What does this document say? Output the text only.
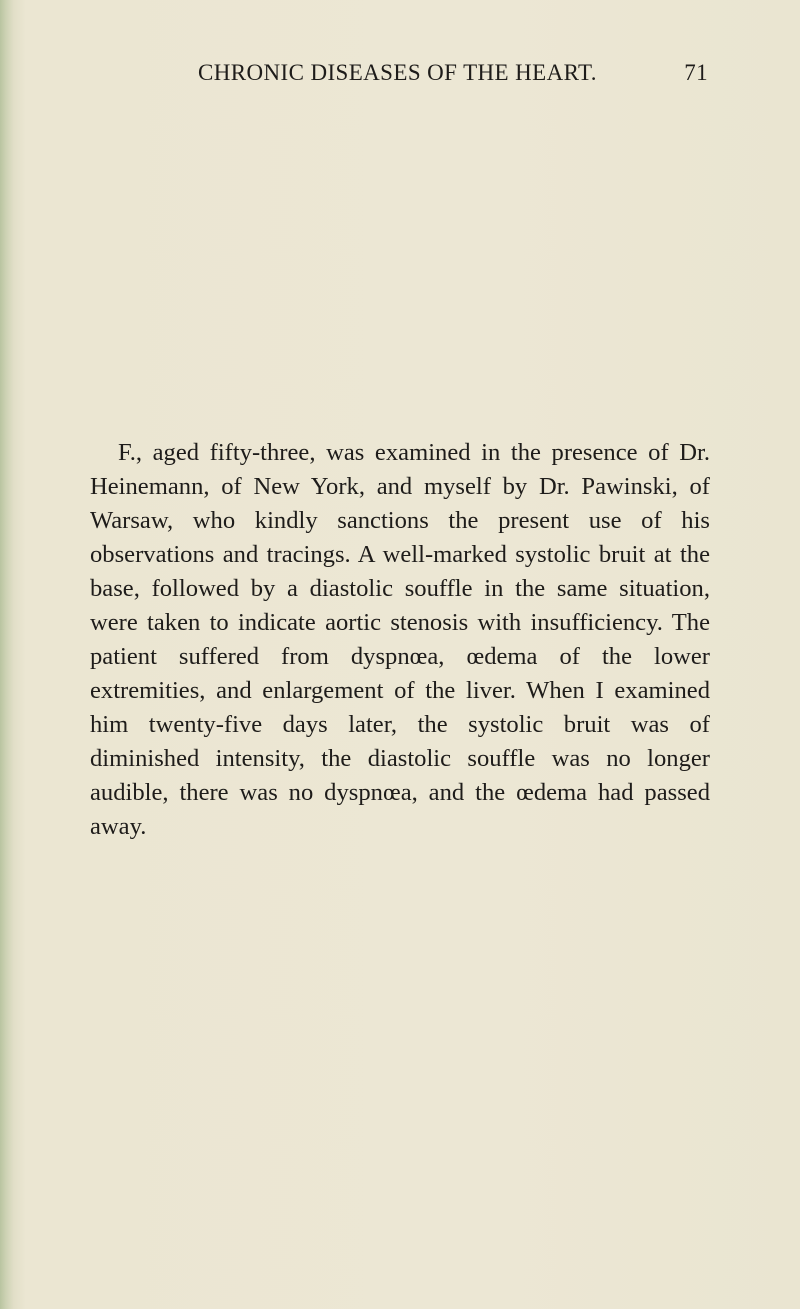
CHRONIC DISEASES OF THE HEART.	71

F., aged fifty-three, was examined in the presence of Dr. Heinemann, of New York, and myself by Dr. Pawinski, of Warsaw, who kindly sanctions the present use of his observations and tracings. A well-marked systolic bruit at the base, followed by a diastolic souffle in the same situation, were taken to indicate aortic stenosis with insufficiency. The patient suffered from dyspnœa, œdema of the lower extremities, and enlargement of the liver. When I examined him twenty-five days later, the systolic bruit was of diminished intensity, the diastolic souffle was no longer audible, there was no dyspnœa, and the œdema had passed away.
